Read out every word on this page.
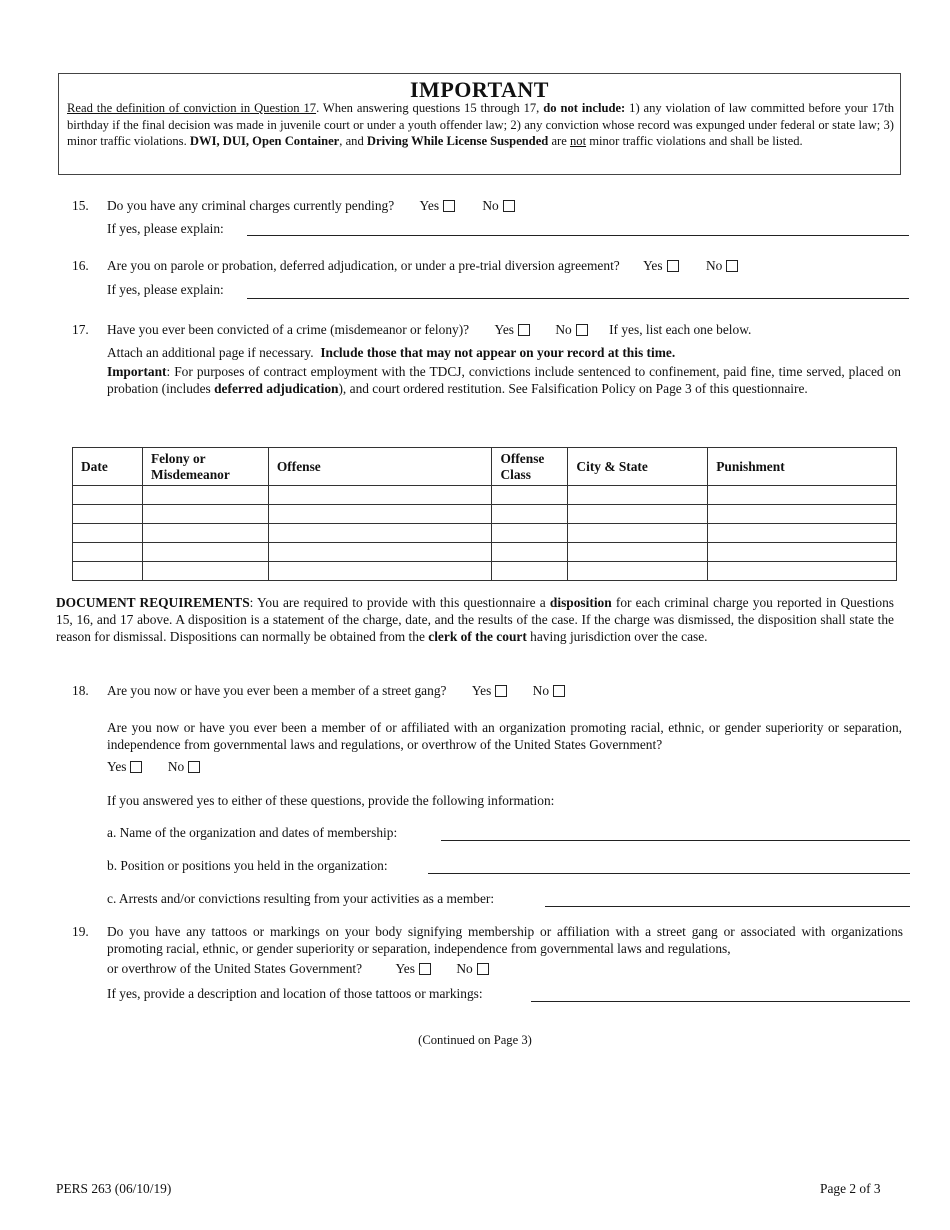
IMPORTANT
Read the definition of conviction in Question 17. When answering questions 15 through 17, do not include: 1) any violation of law committed before your 17th birthday if the final decision was made in juvenile court or under a youth offender law; 2) any conviction whose record was expunged under federal or state law; 3) minor traffic violations. DWI, DUI, Open Container, and Driving While License Suspended are not minor traffic violations and shall be listed.
15. Do you have any criminal charges currently pending? Yes	No
If yes, please explain:
16. Are you on parole or probation, deferred adjudication, or under a pre-trial diversion agreement? Yes	No
If yes, please explain:
17. Have you ever been convicted of a crime (misdemeanor or felony)? Yes	No	If yes, list each one below.
Attach an additional page if necessary. Include those that may not appear on your record at this time.
Important: For purposes of contract employment with the TDCJ, convictions include sentenced to confinement, paid fine, time served, placed on probation (includes deferred adjudication), and court ordered restitution. See Falsification Policy on Page 3 of this questionnaire.
Date	Felony or Misdemeanor	Offense	Offense Class	City & State	Punishment

DOCUMENT REQUIREMENTS: You are required to provide with this questionnaire a disposition for each criminal charge you reported in Questions 15, 16, and 17 above. A disposition is a statement of the charge, date, and the results of the case. If the charge was dismissed, the disposition shall state the reason for dismissal. Dispositions can normally be obtained from the clerk of the court having jurisdiction over the case.
18. Are you now or have you ever been a member of a street gang? Yes	No
Are you now or have you ever been a member of or affiliated with an organization promoting racial, ethnic, or gender superiority or separation, independence from governmental laws and regulations, or overthrow of the United States Government?
Yes	No
If you answered yes to either of these questions, provide the following information:
a. Name of the organization and dates of membership:
b. Position or positions you held in the organization:
c. Arrests and/or convictions resulting from your activities as a member:
19. Do you have any tattoos or markings on your body signifying membership or affiliation with a street gang or associated with organizations promoting racial, ethnic, or gender superiority or separation, independence from governmental laws and regulations,
or overthrow of the United States Government? Yes	No
If yes, provide a description and location of those tattoos or markings:
(Continued on Page 3)
PERS 263 (06/10/19)	Page 2 of 3
